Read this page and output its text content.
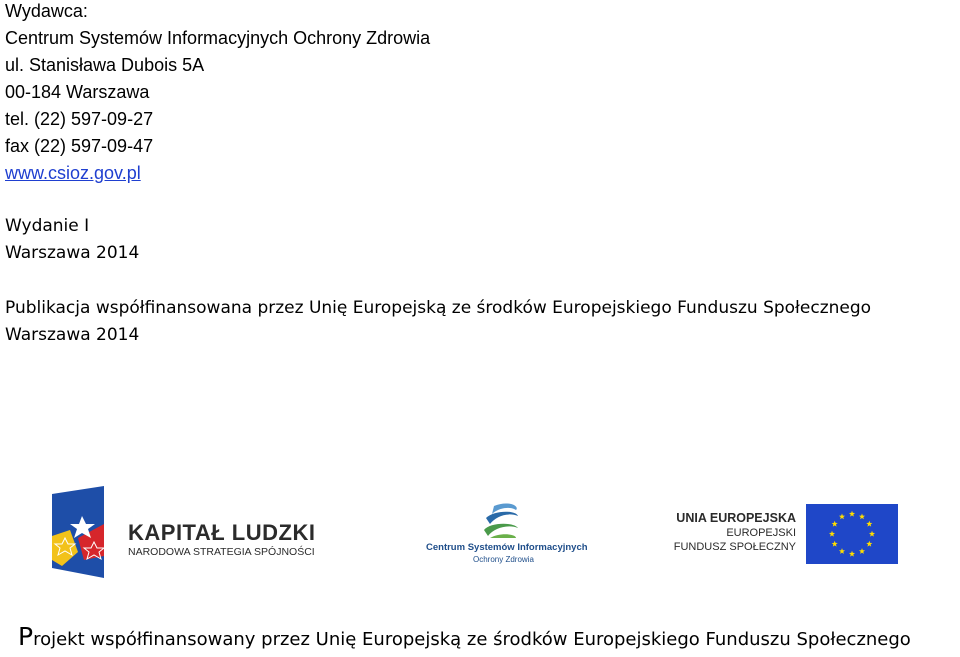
Wydawca:
Centrum Systemów Informacyjnych Ochrony Zdrowia
ul. Stanisława Dubois 5A
00-184 Warszawa
tel. (22) 597-09-27
fax (22) 597-09-47
www.csioz.gov.pl
Wydanie I
Warszawa 2014
Publikacja współfinansowana przez Unię Europejską ze środków Europejskiego Funduszu Społecznego
Warszawa 2014
KAPITAŁ LUDZKI
NARODOWA STRATEGIA SPÓJNOŚCI	Centrum Systemów Informacyjnych
Ochrony Zdrowia
UNIA EUROPEJSKA
EUROPEJSKI
FUNDUSZ SPOŁECZNY
Projekt współfinansowany przez Unię Europejską ze środków Europejskiego Funduszu Społecznego
